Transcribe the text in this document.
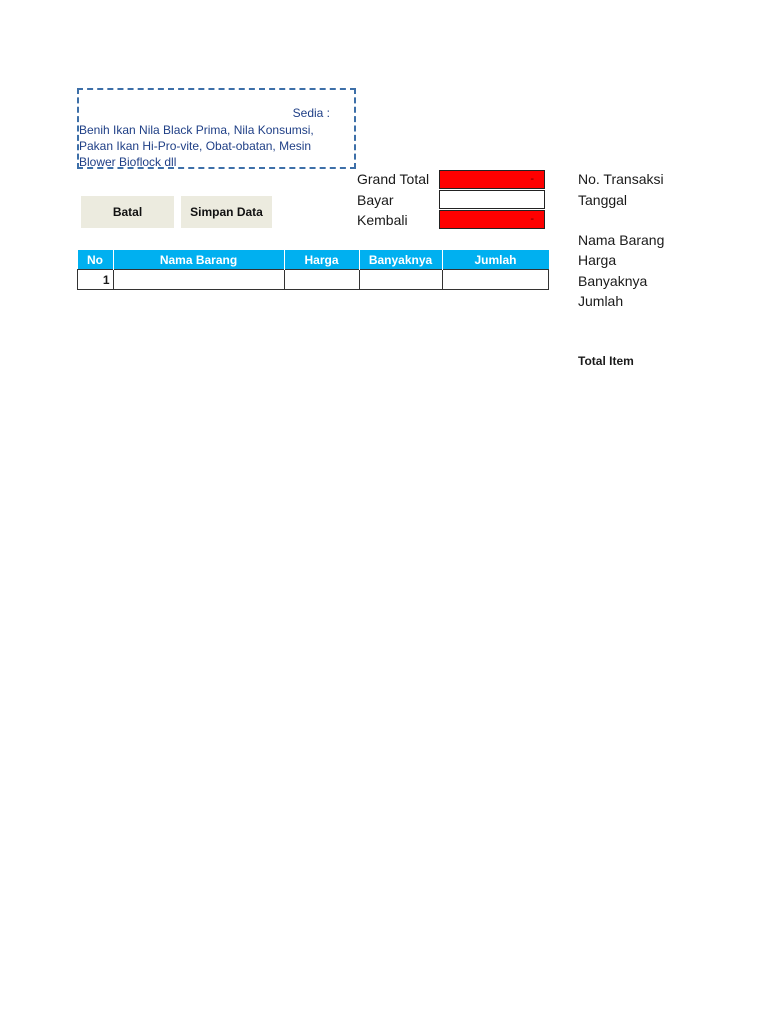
Sedia :
Benih Ikan Nila Black Prima, Nila Konsumsi, Pakan Ikan Hi-Pro-vite, Obat-obatan, Mesin Blower Bioflock dll
Batal	Simpan Data
Grand Total	-
Bayar
Kembali	-
No	Nama Barang	Harga	Banyaknya	Jumlah
1				
No. Transaksi
Tanggal
Nama Barang
Harga
Banyaknya
Jumlah
Total Item
